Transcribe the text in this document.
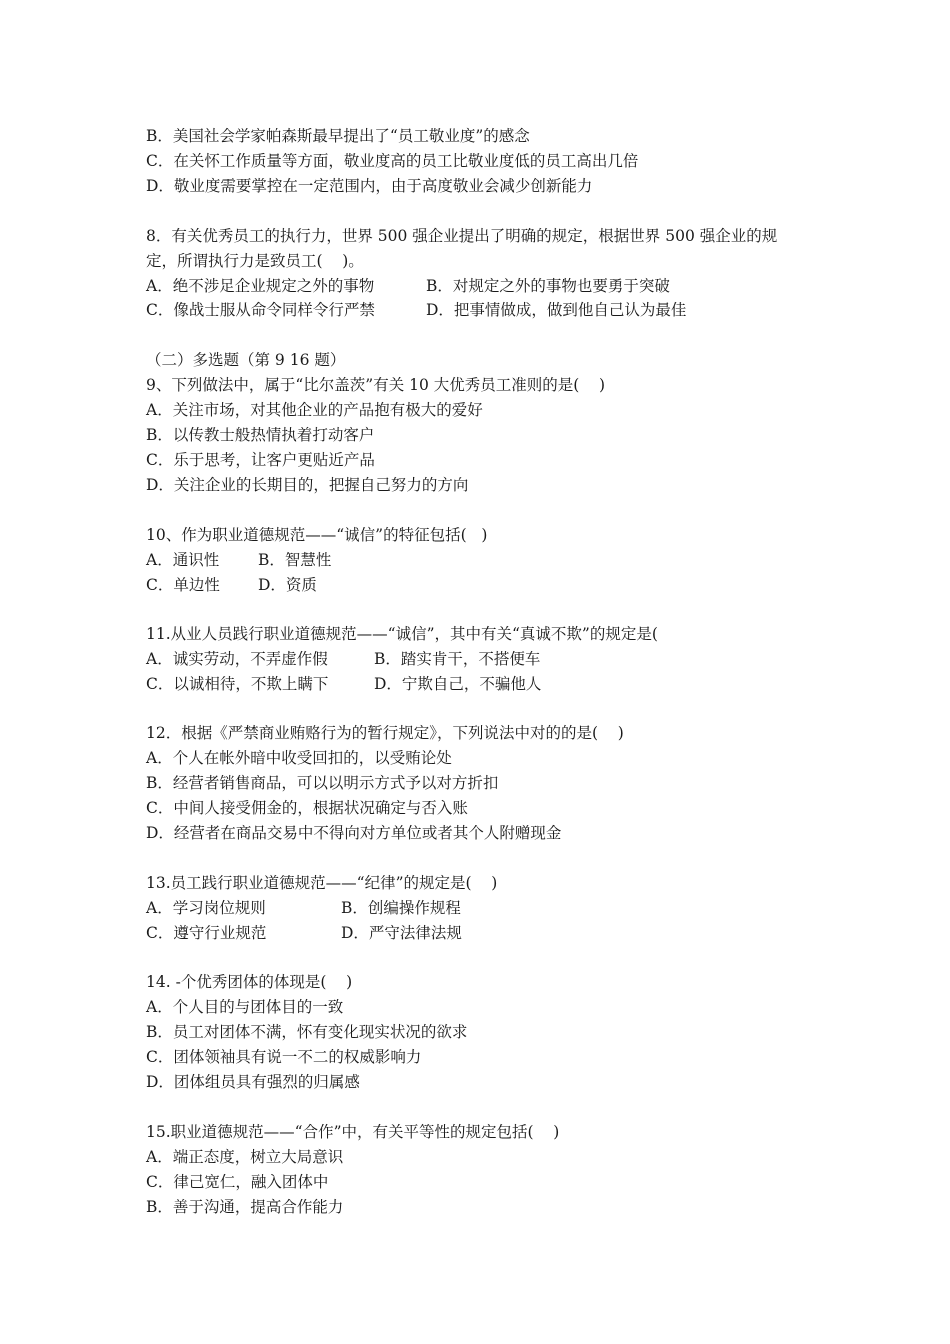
B．美国社会学家帕森斯最早提出了“员工敬业度”的感念
C．在关怀工作质量等方面，敬业度高的员工比敬业度低的员工高出几倍
D．敬业度需要掌控在一定范围内，由于高度敬业会减少创新能力
8．有关优秀员工的执行力，世界 500 强企业提出了明确的规定，根据世界 500 强企业的规
定，所谓执行力是致员工(    )。
A．绝不涉足企业规定之外的事物	B．对规定之外的事物也要勇于突破
C．像战士服从命令同样令行严禁	D．把事情做成，做到他自己认为最佳
（二）多选题（第 9 16 题）
9、下列做法中，属于“比尔盖茨”有关 10 大优秀员工准则的是(    )
A．关注市场，对其他企业的产品抱有极大的爱好
B．以传教士般热情执着打动客户
C．乐于思考，让客户更贴近产品
D．关注企业的长期目的，把握自己努力的方向
10、作为职业道德规范——“诚信”的特征包括(   )
A．通识性	B．智慧性
C．单边性 D．资质
11.从业人员践行职业道德规范——“诚信”，其中有关“真诚不欺”的规定是(
A．诚实劳动，不弄虚作假	B．踏实肯干，不搭便车
C．以诚相待，不欺上瞒下	D．宁欺自己，不骗他人
12．根据《严禁商业贿赂行为的暂行规定》，下列说法中对的的是(    )
A．个人在帐外暗中收受回扣的，以受贿论处
B．经营者销售商品，可以以明示方式予以对方折扣
C．中间人接受佣金的，根据状况确定与否入账
D．经营者在商品交易中不得向对方单位或者其个人附赠现金
13.员工践行职业道德规范——“纪律”的规定是(    )
A．学习岗位规则	B．创编操作规程
C．遵守行业规范	D．严守法律法规
14. -个优秀团体的体现是(    )
A．个人目的与团体目的一致
B．员工对团体不满，怀有变化现实状况的欲求
C．团体领袖具有说一不二的权威影响力
D．团体组员具有强烈的归属感
15.职业道德规范——“合作”中，有关平等性的规定包括(    )
A．端正态度，树立大局意识
C．律己宽仁，融入团体中
B．善于沟通，提高合作能力
